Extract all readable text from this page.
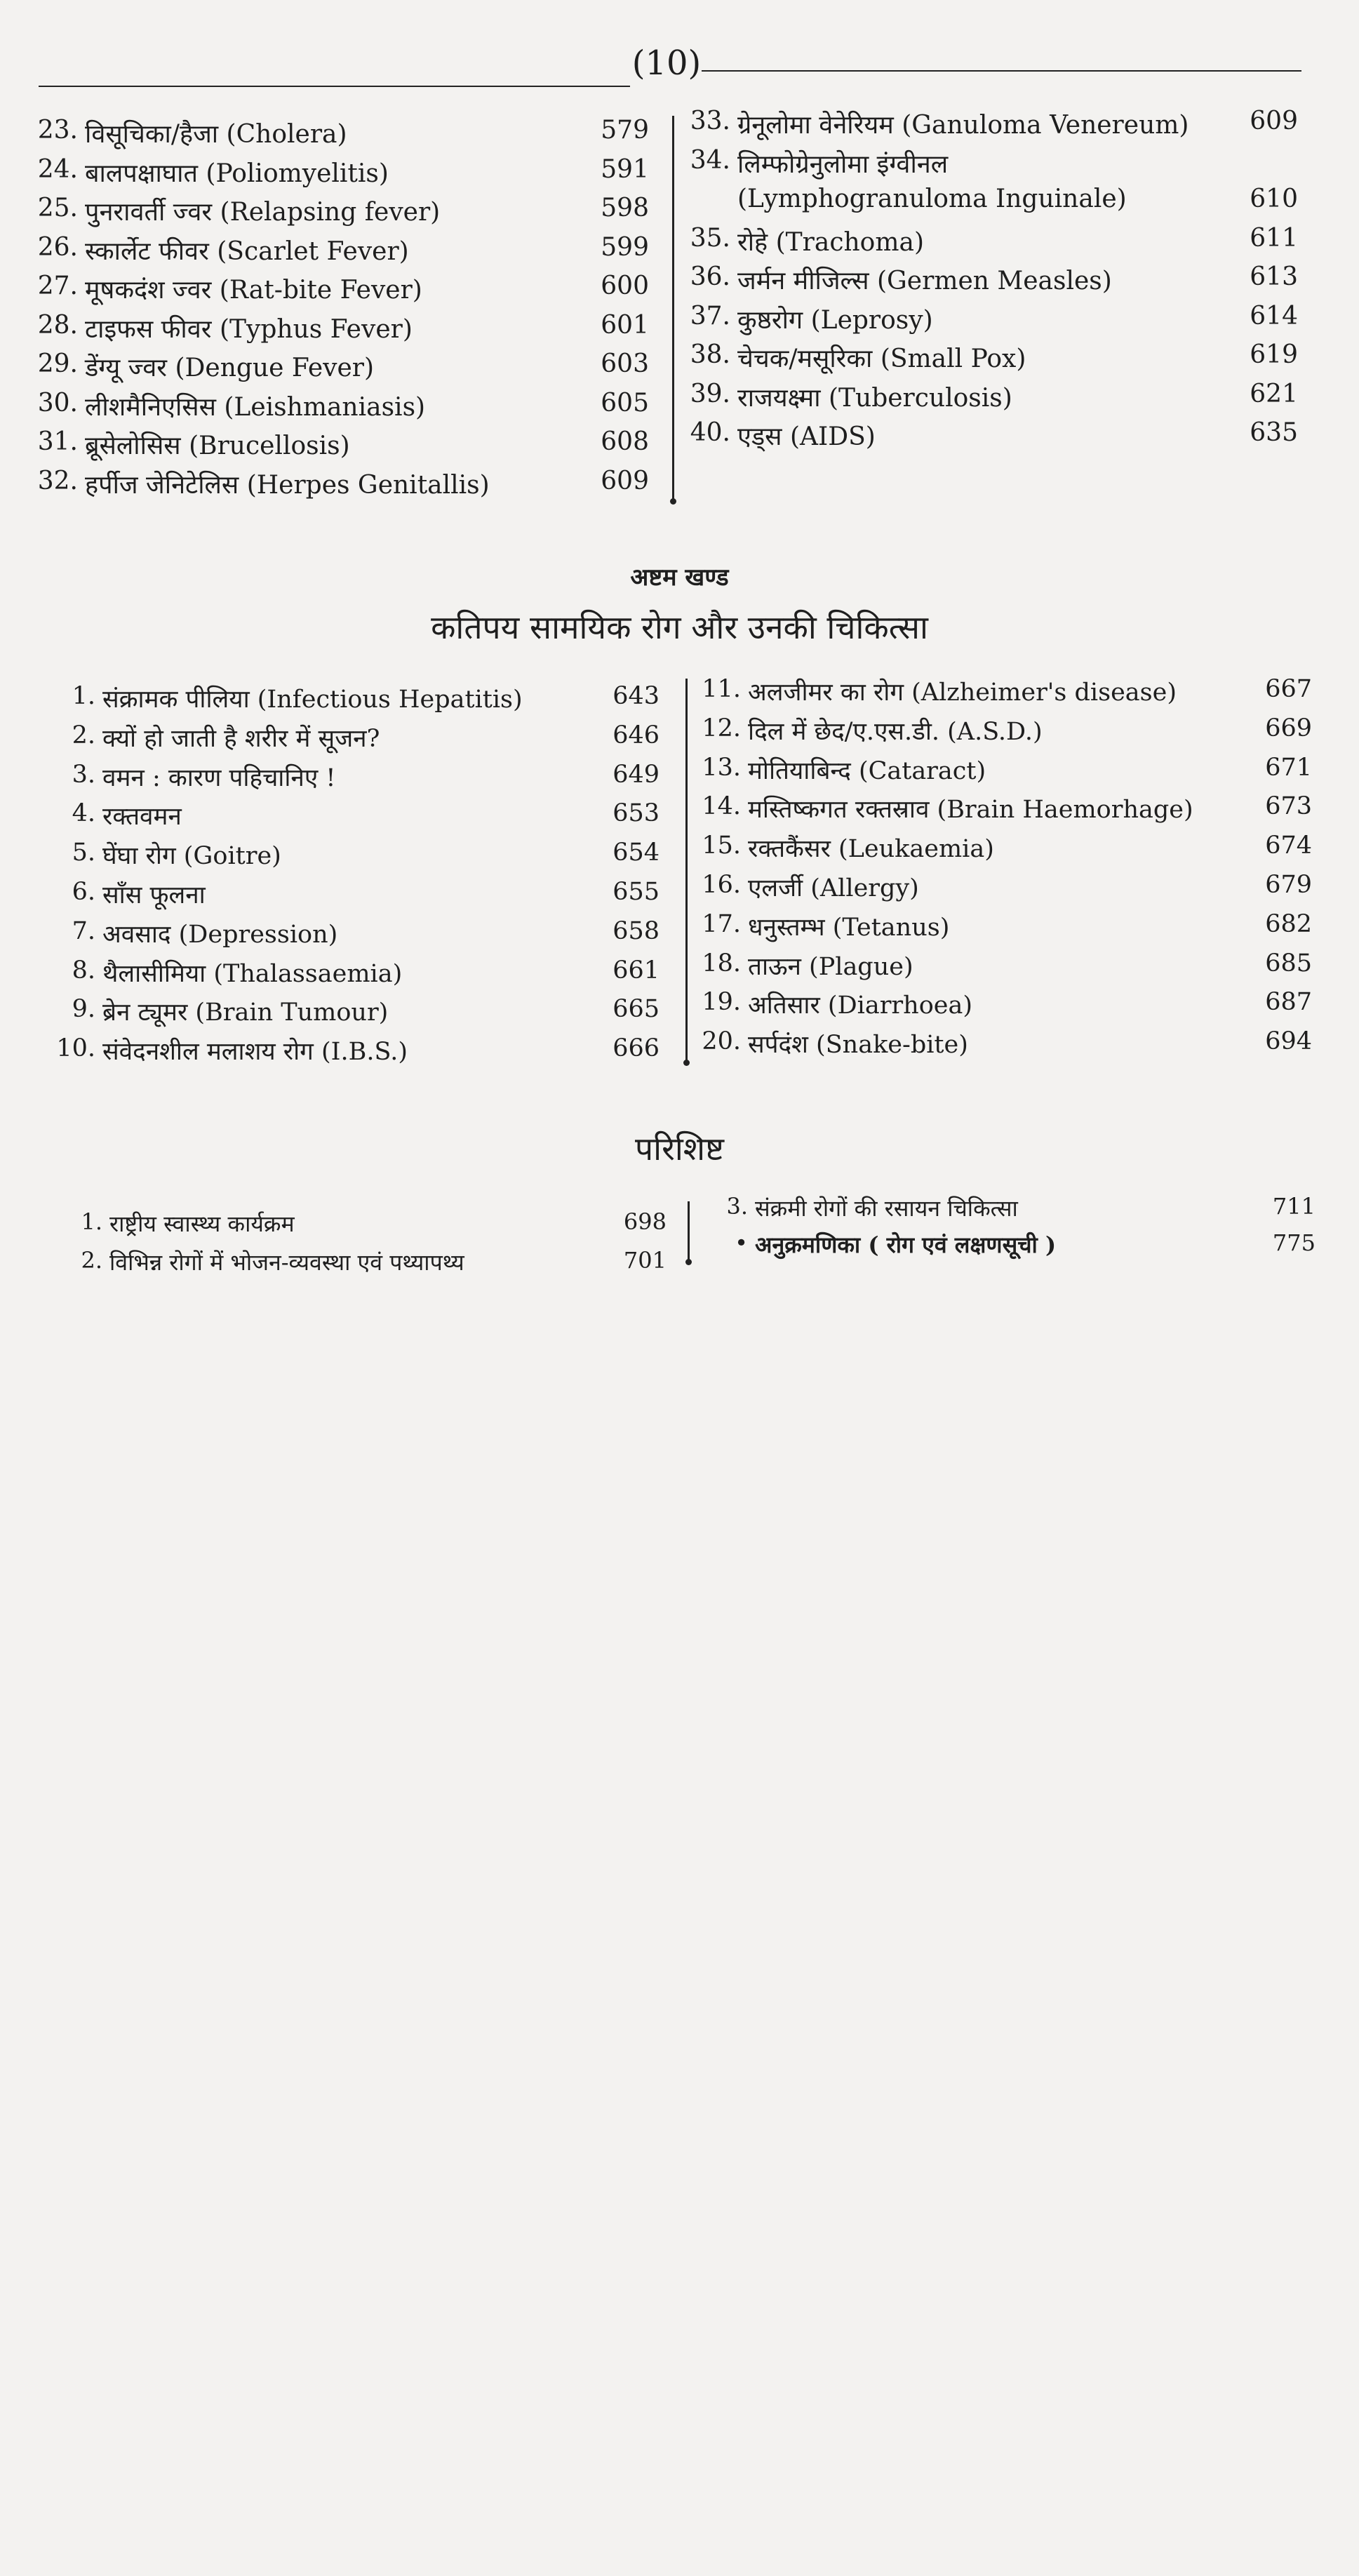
(10)
23. विसूचिका/हैजा (Cholera)	579
24. बालपक्षाघात (Poliomyelitis)	591
25. पुनरावर्ती ज्वर (Relapsing fever)	598
26. स्कार्लेट फीवर (Scarlet Fever)	599
27. मूषकदंश ज्वर (Rat-bite Fever)	600
28. टाइफस फीवर (Typhus Fever)	601
29. डेंग्यू ज्वर (Dengue Fever)	603
30. लीशमैनिएसिस (Leishmaniasis)	605
31. ब्रूसेलोसिस (Brucellosis)	608
32. हर्पीज जेनिटेलिस (Herpes Genitallis)	609
33. ग्रेनूलोमा वेनेरियम (Ganuloma Venereum)	609
34. लिम्फोग्रेनुलोमा इंग्वीनल
(Lymphogranuloma Inguinale)	610
35. रोहे (Trachoma)	611
36. जर्मन मीजिल्स (Germen Measles)	613
37. कुष्ठरोग (Leprosy)	614
38. चेचक/मसूरिका (Small Pox)	619
39. राजयक्ष्मा (Tuberculosis)	621
40. एड्स (AIDS)	635
अष्टम खण्ड
कतिपय सामयिक रोग और उनकी चिकित्सा
1. संक्रामक पीलिया (Infectious Hepatitis)	643
2. क्यों हो जाती है शरीर में सूजन?	646
3. वमन : कारण पहिचानिए !	649
4. रक्तवमन	653
5. घेंघा रोग (Goitre)	654
6. साँस फूलना	655
7. अवसाद (Depression)	658
8. थैलासीमिया (Thalassaemia)	661
9. ब्रेन ट्यूमर (Brain Tumour)	665
10. संवेदनशील मलाशय रोग (I.B.S.)	666
11. अलजीमर का रोग (Alzheimer's disease)	667
12. दिल में छेद/ए.एस.डी. (A.S.D.)	669
13. मोतियाबिन्द (Cataract)	671
14. मस्तिष्कगत रक्तस्राव (Brain Haemorhage)	673
15. रक्तकैंसर (Leukaemia)	674
16. एलर्जी (Allergy)	679
17. धनुस्तम्भ (Tetanus)	682
18. ताऊन (Plague)	685
19. अतिसार (Diarrhoea)	687
20. सर्पदंश (Snake-bite)	694
परिशिष्ट
1. राष्ट्रीय स्वास्थ्य कार्यक्रम	698
2. विभिन्न रोगों में भोजन-व्यवस्था एवं पथ्यापथ्य	701
3. संक्रमी रोगों की रसायन चिकित्सा	711
• अनुक्रमणिका ( रोग एवं लक्षणसूची )	775
